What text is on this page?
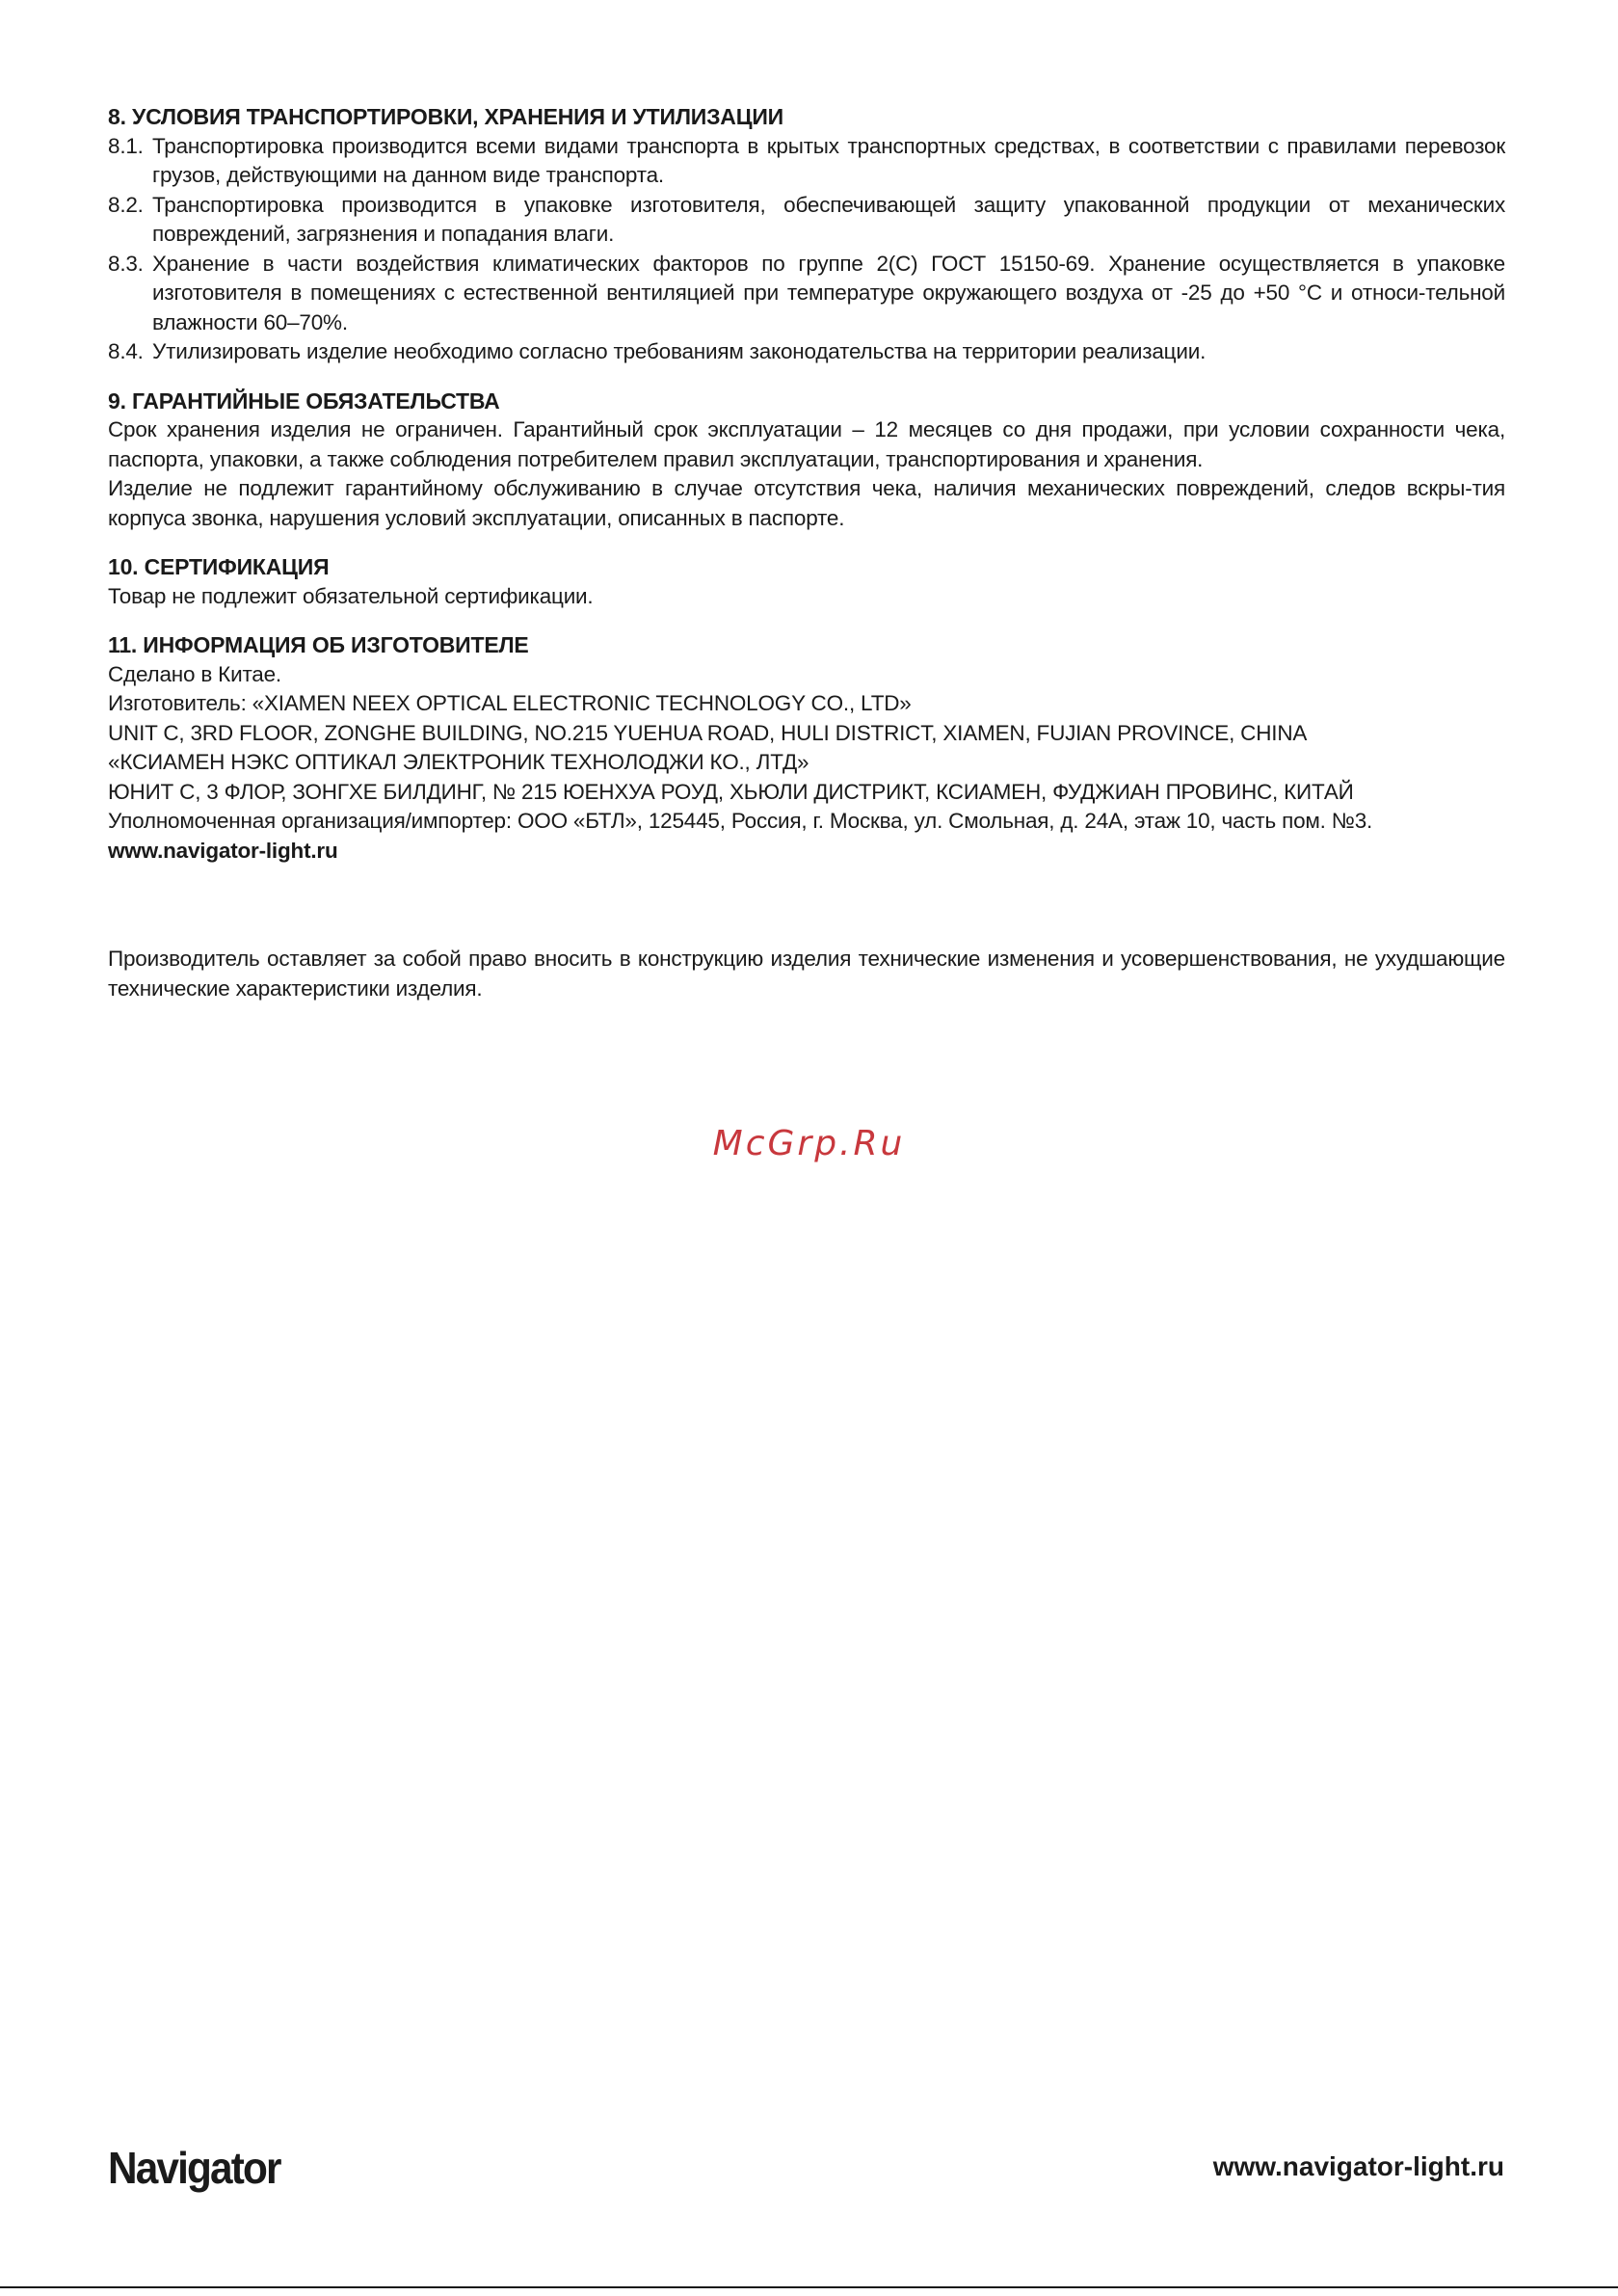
8. УСЛОВИЯ ТРАНСПОРТИРОВКИ, ХРАНЕНИЯ И УТИЛИЗАЦИИ
8.1. Транспортировка производится всеми видами транспорта в крытых транспортных средствах, в соответствии с правилами перевозок грузов, действующими на данном виде транспорта.
8.2. Транспортировка производится в упаковке изготовителя, обеспечивающей защиту упакованной продукции от механических повреждений, загрязнения и попадания влаги.
8.3. Хранение в части воздействия климатических факторов по группе 2(С) ГОСТ 15150-69. Хранение осуществляется в упаковке изготовителя в помещениях с естественной вентиляцией при температуре окружающего воздуха от -25 до +50 °С и относи-тельной влажности 60–70%.
8.4. Утилизировать изделие необходимо согласно требованиям законодательства на территории реализации.
9. ГАРАНТИЙНЫЕ ОБЯЗАТЕЛЬСТВА
Срок хранения изделия не ограничен. Гарантийный срок эксплуатации – 12 месяцев со дня продажи, при условии сохранности чека, паспорта, упаковки, а также соблюдения потребителем правил эксплуатации, транспортирования и хранения.
Изделие не подлежит гарантийному обслуживанию в случае отсутствия чека, наличия механических повреждений, следов вскры-тия корпуса звонка, нарушения условий эксплуатации, описанных в паспорте.
10. СЕРТИФИКАЦИЯ
Товар не подлежит обязательной сертификации.
11. ИНФОРМАЦИЯ ОБ ИЗГОТОВИТЕЛЕ
Сделано в Китае.
Изготовитель: «XIAMEN NEEX OPTICAL ELECTRONIC TECHNOLOGY CO., LTD»
UNIT C, 3RD FLOOR, ZONGHE BUILDING, NO.215 YUEHUA ROAD, HULI DISTRICT, XIAMEN, FUJIAN PROVINCE, CHINA
«КСИАМЕН НЭКС ОПТИКАЛ ЭЛЕКТРОНИК ТЕХНОЛОДЖИ КО., ЛТД»
ЮНИТ С, 3 ФЛОР, ЗОНГХЕ БИЛДИНГ, № 215 ЮЕНХУА РОУД, ХЬЮЛИ ДИСТРИКТ, КСИАМЕН, ФУДЖИАН ПРОВИНС, КИТАЙ
Уполномоченная организация/импортер: ООО «БТЛ», 125445, Россия, г. Москва, ул. Смольная, д. 24А, этаж 10, часть пом. №3.
www.navigator-light.ru
Производитель оставляет за собой право вносить в конструкцию изделия технические изменения и усовершенствования, не ухудшающие технические характеристики изделия.
McGrp.Ru
Navigator	www.navigator-light.ru
